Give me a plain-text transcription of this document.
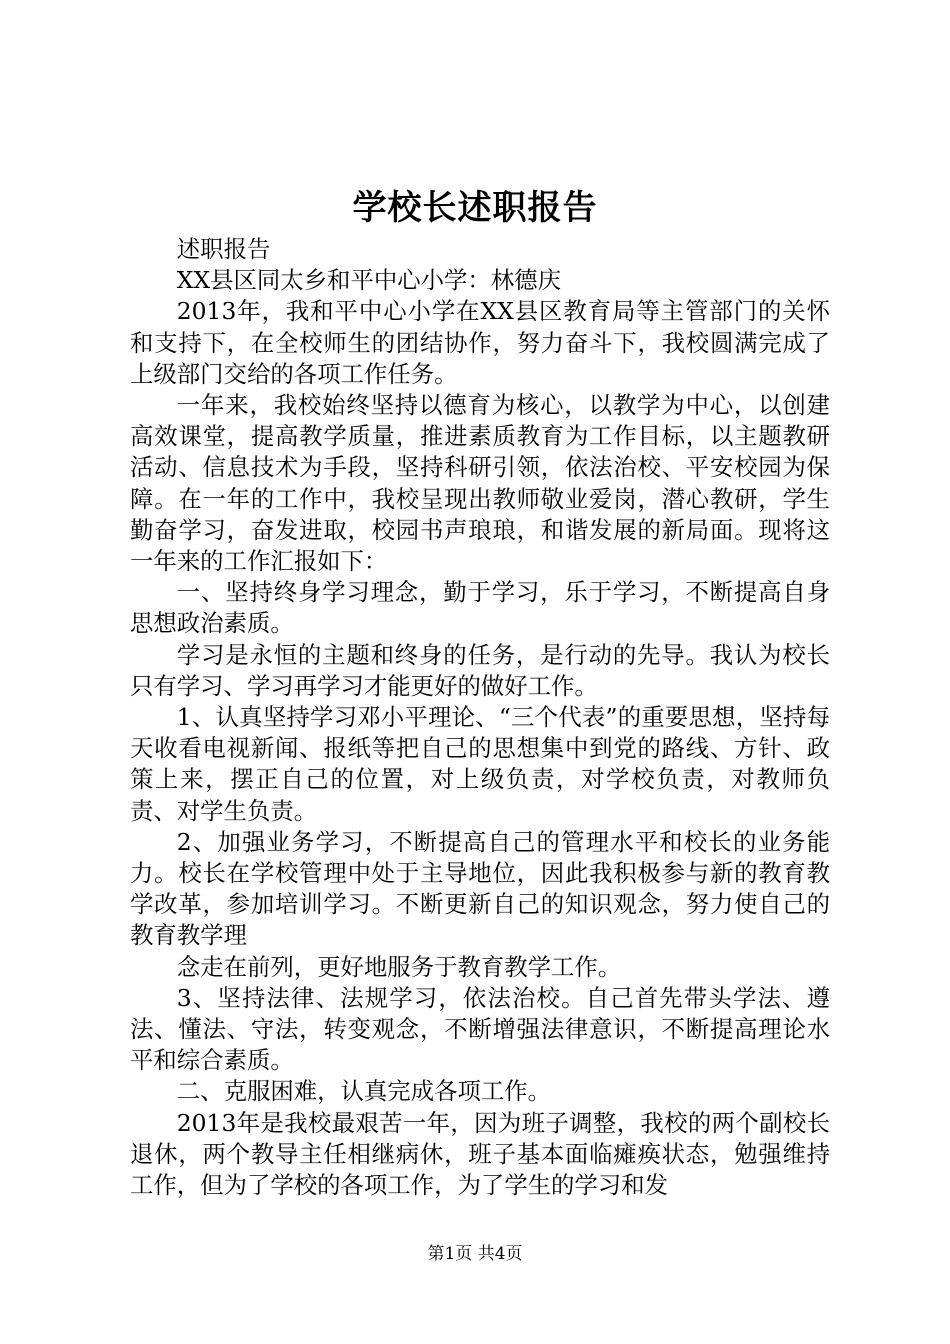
学校长述职报告

述职报告

XX县区同太乡和平中心小学：林德庆

2013年，我和平中心小学在XX县区教育局等主管部门的关怀和支持下，在全校师生的团结协作，努力奋斗下，我校圆满完成了上级部门交给的各项工作任务。

一年来，我校始终坚持以德育为核心，以教学为中心，以创建高效课堂，提高教学质量，推进素质教育为工作目标，以主题教研活动、信息技术为手段，坚持科研引领，依法治校、平安校园为保障。在一年的工作中，我校呈现出教师敬业爱岗，潜心教研，学生勤奋学习，奋发进取，校园书声琅琅，和谐发展的新局面。现将这一年来的工作汇报如下：

一、坚持终身学习理念，勤于学习，乐于学习，不断提高自身思想政治素质。

学习是永恒的主题和终身的任务，是行动的先导。我认为校长只有学习、学习再学习才能更好的做好工作。

1、认真坚持学习邓小平理论、“三个代表”的重要思想，坚持每天收看电视新闻、报纸等把自己的思想集中到党的路线、方针、政策上来，摆正自己的位置，对上级负责，对学校负责，对教师负责、对学生负责。

2、加强业务学习，不断提高自己的管理水平和校长的业务能力。校长在学校管理中处于主导地位，因此我积极参与新的教育教学改革，参加培训学习。不断更新自己的知识观念，努力使自己的教育教学理

念走在前列，更好地服务于教育教学工作。

3、坚持法律、法规学习，依法治校。自己首先带头学法、遵法、懂法、守法，转变观念，不断增强法律意识，不断提高理论水平和综合素质。

二、克服困难，认真完成各项工作。

2013年是我校最艰苦一年，因为班子调整，我校的两个副校长退休，两个教导主任相继病休，班子基本面临瘫痪状态，勉强维持工作，但为了学校的各项工作，为了学生的学习和发

第1页 共4页
